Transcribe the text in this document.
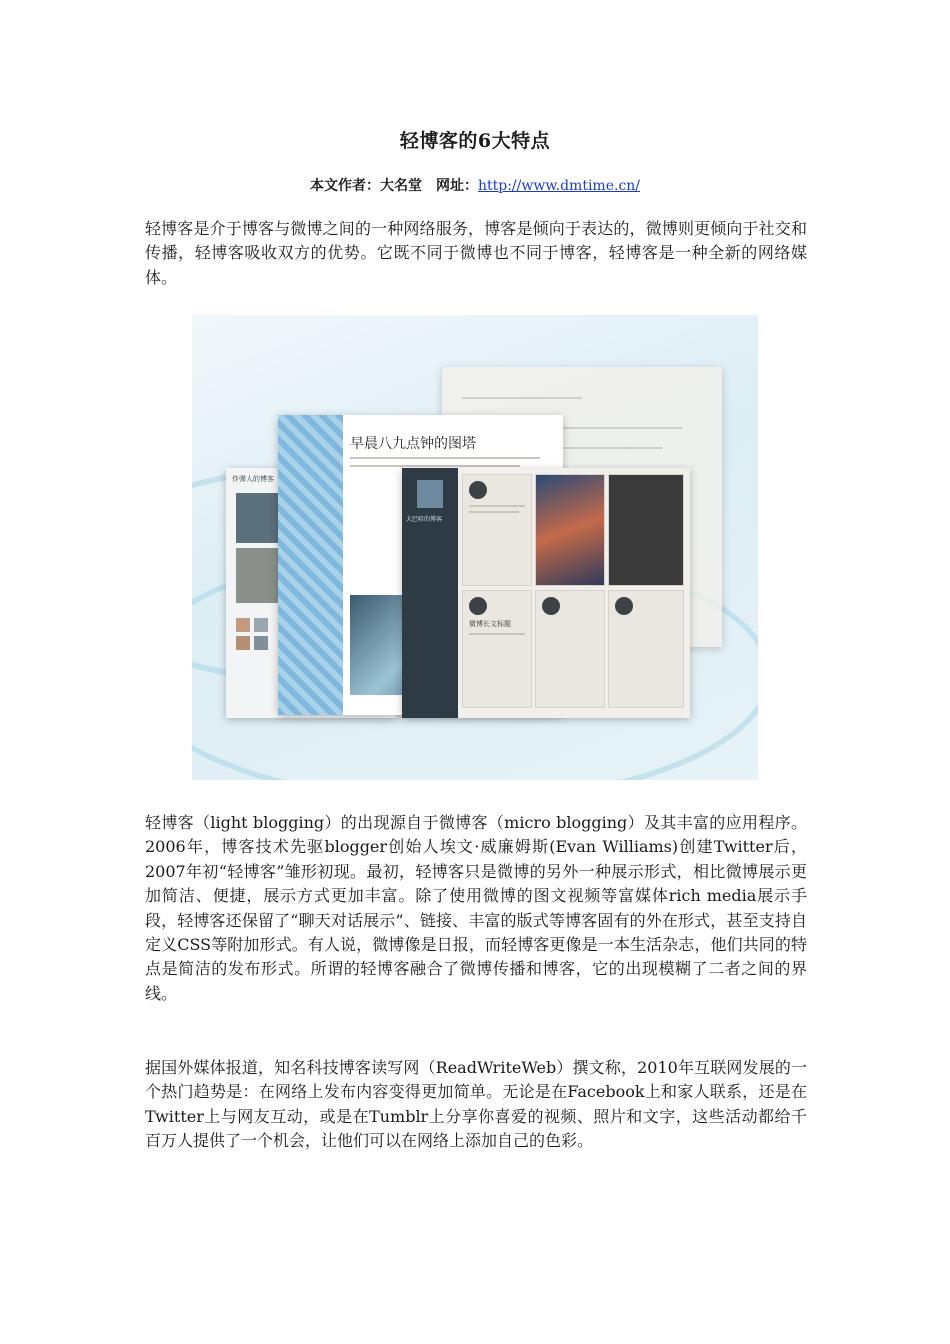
轻博客的6大特点
本文作者：大名堂　网址：http://www.dmtime.cn/

轻博客是介于博客与微博之间的一种网络服务，博客是倾向于表达的，微博则更倾向于社交和传播，轻博客吸收双方的优势。它既不同于微博也不同于博客，轻博客是一种全新的网络媒体。

炸弹人的博客
早晨八九点钟的图塔
大巴哈的博客
微博长文标题

轻博客（light blogging）的出现源自于微博客（micro blogging）及其丰富的应用程序。2006年，博客技术先驱blogger创始人埃文·威廉姆斯(Evan Williams)创建Twitter后，2007年初“轻博客”雏形初现。最初，轻博客只是微博的另外一种展示形式，相比微博展示更加简洁、便捷，展示方式更加丰富。除了使用微博的图文视频等富媒体rich media展示手段，轻博客还保留了“聊天对话展示”、链接、丰富的版式等博客固有的外在形式，甚至支持自定义CSS等附加形式。有人说，微博像是日报，而轻博客更像是一本生活杂志，他们共同的特点是简洁的发布形式。所谓的轻博客融合了微博传播和博客，它的出现模糊了二者之间的界线。

据国外媒体报道，知名科技博客读写网（ReadWriteWeb）撰文称，2010年互联网发展的一个热门趋势是：在网络上发布内容变得更加简单。无论是在Facebook上和家人联系，还是在Twitter上与网友互动，或是在Tumblr上分享你喜爱的视频、照片和文字，这些活动都给千百万人提供了一个机会，让他们可以在网络上添加自己的色彩。
